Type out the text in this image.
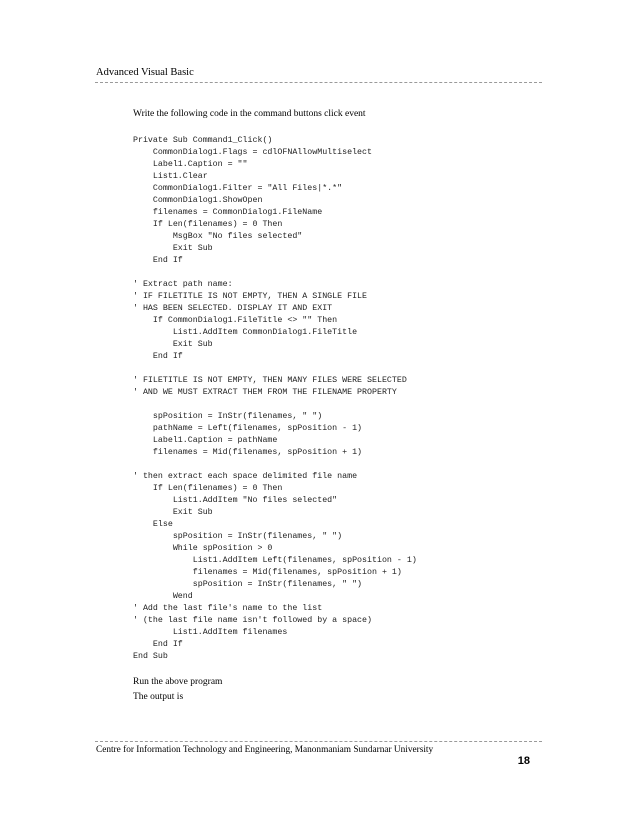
Advanced Visual Basic
Write the following code in the command buttons click event
Private Sub Command1_Click()
CommonDialog1.Flags = cdlOFNAllowMultiselect
Label1.Caption = ""
List1.Clear
CommonDialog1.Filter = "All Files|*.*"
CommonDialog1.ShowOpen
filenames = CommonDialog1.FileName
If Len(filenames) = 0 Then
MsgBox "No files selected"
Exit Sub
End If
' Extract path name:
' IF FILETITLE IS NOT EMPTY, THEN A SINGLE FILE
' HAS BEEN SELECTED. DISPLAY IT AND EXIT
If CommonDialog1.FileTitle <> "" Then
List1.AddItem CommonDialog1.FileTitle
Exit Sub
End If
' FILETITLE IS NOT EMPTY, THEN MANY FILES WERE SELECTED
' AND WE MUST EXTRACT THEM FROM THE FILENAME PROPERTY
spPosition = InStr(filenames, " ")
pathName = Left(filenames, spPosition - 1)
Label1.Caption = pathName
filenames = Mid(filenames, spPosition + 1)
' then extract each space delimited file name
If Len(filenames) = 0 Then
List1.AddItem "No files selected"
Exit Sub
Else
spPosition = InStr(filenames, " ")
While spPosition > 0
List1.AddItem Left(filenames, spPosition - 1)
filenames = Mid(filenames, spPosition + 1)
spPosition = InStr(filenames, " ")
Wend
' Add the last file's name to the list
' (the last file name isn't followed by a space)
List1.AddItem filenames
End If
End Sub
Run the above program
The output is
Centre for Information Technology and Engineering, Manonmaniam Sundarnar University
18
